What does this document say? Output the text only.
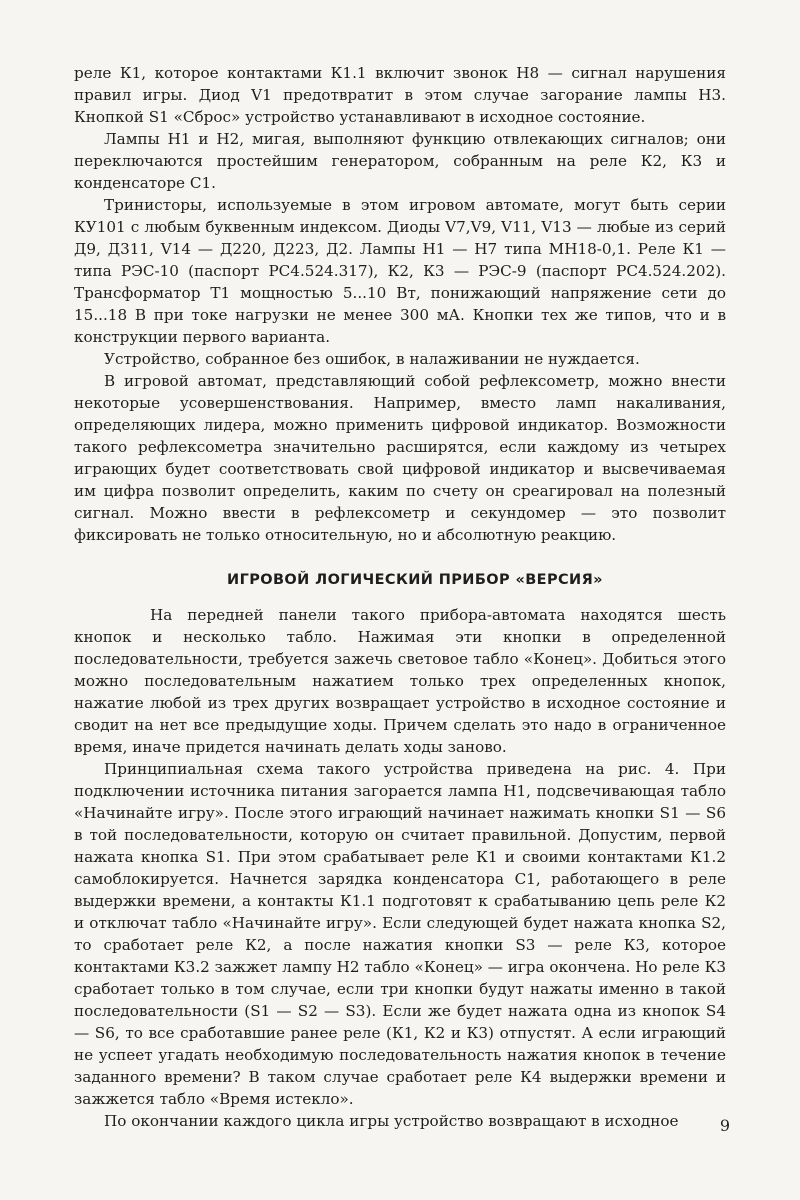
реле К1, которое контактами К1.1 включит звонок Н8 — сигнал нарушения правил игры. Диод V1 предотвратит в этом случае загорание лампы Н3. Кнопкой S1 «Сброс» устройство устанавливают в исходное состояние.

Лампы Н1 и Н2, мигая, выполняют функцию отвлекающих сигналов; они переключаются простейшим генератором, собранным на реле К2, К3 и конденсаторе С1.

Тринисторы, используемые в этом игровом автомате, могут быть серии КУ101 с любым буквенным индексом. Диоды V7,V9, V11, V13 — любые из серий Д9, Д311, V14 — Д220, Д223, Д2. Лампы Н1 — Н7 типа МН18-0,1. Реле К1 — типа РЭС-10 (паспорт РС4.524.317), К2, К3 — РЭС-9 (паспорт РС4.524.202). Трансформатор Т1 мощностью 5...10 Вт, понижающий напряжение сети до 15...18 В при токе нагрузки не менее 300 мА. Кнопки тех же типов, что и в конструкции первого варианта.

Устройство, собранное без ошибок, в налаживании не нуждается.

В игровой автомат, представляющий собой рефлексометр, можно внести некоторые усовершенствования. Например, вместо ламп накаливания, определяющих лидера, можно применить цифровой индикатор. Возможности такого рефлексометра значительно расширятся, если каждому из четырех играющих будет соответствовать свой цифровой индикатор и высвечиваемая им цифра позволит определить, каким по счету он среагировал на полезный сигнал. Можно ввести в рефлексометр и секундомер — это позволит фиксировать не только относительную, но и абсолютную реакцию.

ИГРОВОЙ ЛОГИЧЕСКИЙ ПРИБОР «ВЕРСИЯ»

На передней панели такого прибора-автомата находятся шесть кнопок и несколько табло. Нажимая эти кнопки в определенной последовательности, требуется зажечь световое табло «Конец». Добиться этого можно последовательным нажатием только трех определенных кнопок, нажатие любой из трех других возвращает устройство в исходное состояние и сводит на нет все предыдущие ходы. Причем сделать это надо в ограниченное время, иначе придется начинать делать ходы заново.

Принципиальная схема такого устройства приведена на рис. 4. При подключении источника питания загорается лампа Н1, подсвечивающая табло «Начинайте игру». После этого играющий начинает нажимать кнопки S1 — S6 в той последовательности, которую он считает правильной. Допустим, первой нажата кнопка S1. При этом срабатывает реле К1 и своими контактами К1.2 самоблокируется. Начнется зарядка конденсатора С1, работающего в реле выдержки времени, а контакты К1.1 подготовят к срабатыванию цепь реле К2 и отключат табло «Начинайте игру». Если следующей будет нажата кнопка S2, то сработает реле К2, а после нажатия кнопки S3 — реле К3, которое контактами К3.2 зажжет лампу Н2 табло «Конец» — игра окончена. Но реле К3 сработает только в том случае, если три кнопки будут нажаты именно в такой последовательности (S1 — S2 — S3). Если же будет нажата одна из кнопок S4 — S6, то все сработавшие ранее реле (К1, К2 и К3) отпустят. А если играющий не успеет угадать необходимую последовательность нажатия кнопок в течение заданного времени? В таком случае сработает реле К4 выдержки времени и зажжется табло «Время истекло».

По окончании каждого цикла игры устройство возвращают в исходное	9
